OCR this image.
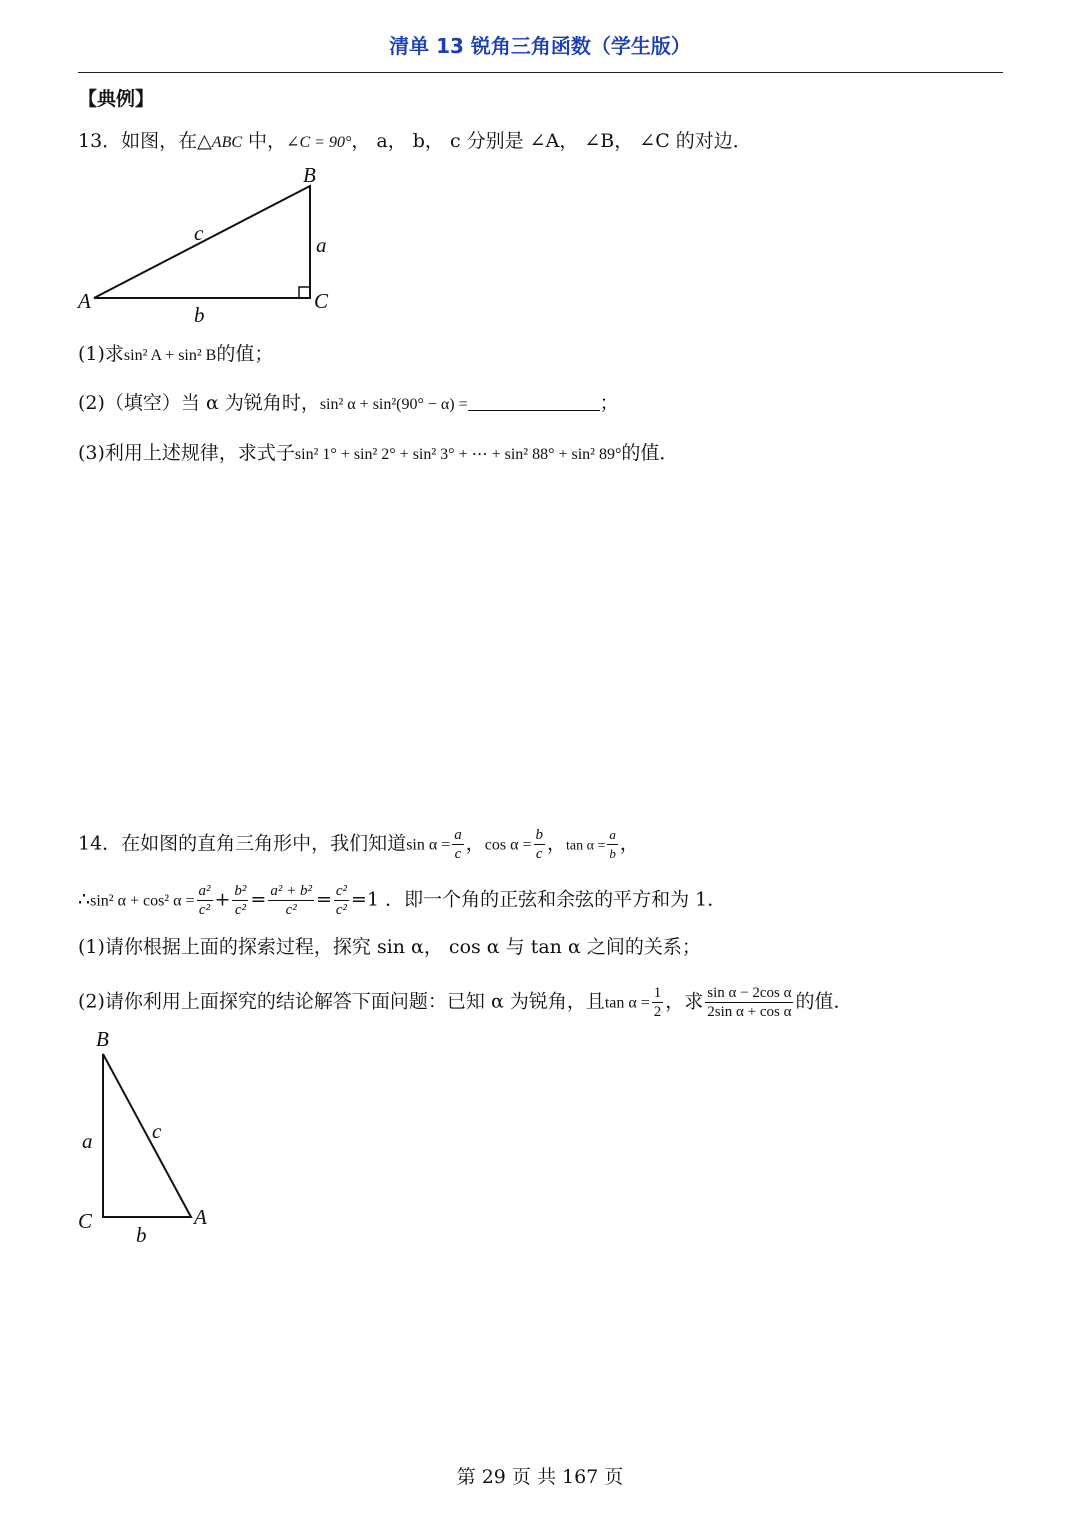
清单 13 锐角三角函数（学生版）
【典例】
13．如图，在△ABC 中，∠C = 90°， a， b， c 分别是 ∠A， ∠B， ∠C 的对边．
B
A	C
a
b
c
(1)求sin² A + sin² B的值；
(2)（填空）当 α 为锐角时，sin² α + sin²(90° − α) =	；
(3)利用上述规律，求式子sin² 1° + sin² 2° + sin² 3° + ⋯ + sin² 88° + sin² 89°的值．
14．在如图的直角三角形中，我们知道$\sin \alpha = \frac{a}{c}$ ，$\cos \alpha = \frac{b}{c}$ ，$\tan \alpha = \frac{a}{b}$ ，
∴sin² α + cos² $\alpha = \frac{\text{a²}}{\text{c²}} + \frac{\text{b²}}{\text{c²}} = \frac{\text{a² + b²}}{\text{c²}} = \frac{\text{c²}}{\text{c²}} =1$ ．即一个角的正弦和余弦的平方和为 1．
(1)请你根据上面的探索过程，探究 sin α， cos α 与 tan α 之间的关系；
(2)请你利用上面探究的结论解答下面问题：已知 α 为锐角，且$\tan \alpha = \frac{1}{2}$ ，求 $\frac{\text{sin α − 2cos α}}{\text{2sin α + cos α}}$ 的值．
B
C	A
a
b
c
第 29 页 共 167 页
